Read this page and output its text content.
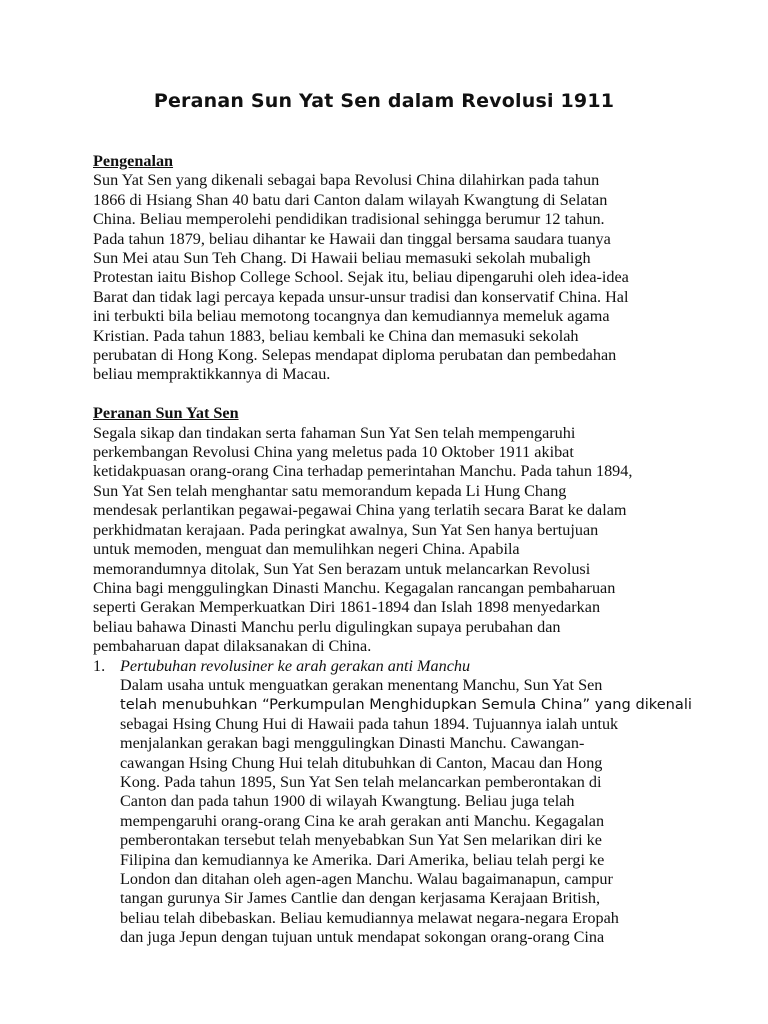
Peranan Sun Yat Sen dalam Revolusi 1911

Pengenalan

Sun Yat Sen yang dikenali sebagai bapa Revolusi China dilahirkan pada tahun
1866 di Hsiang Shan 40 batu dari Canton dalam wilayah Kwangtung di Selatan
China. Beliau memperolehi pendidikan tradisional sehingga berumur 12 tahun.
Pada tahun 1879, beliau dihantar ke Hawaii dan tinggal bersama saudara tuanya
Sun Mei atau Sun Teh Chang. Di Hawaii beliau memasuki sekolah mubaligh
Protestan iaitu Bishop College School. Sejak itu, beliau dipengaruhi oleh idea-idea
Barat dan tidak lagi percaya kepada unsur-unsur tradisi dan konservatif China. Hal
ini terbukti bila beliau memotong tocangnya dan kemudiannya memeluk agama
Kristian. Pada tahun 1883, beliau kembali ke China dan memasuki sekolah
perubatan di Hong Kong. Selepas mendapat diploma perubatan dan pembedahan
beliau mempraktikkannya di Macau.

Peranan Sun Yat Sen

Segala sikap dan tindakan serta fahaman Sun Yat Sen telah mempengaruhi
perkembangan Revolusi China yang meletus pada 10 Oktober 1911 akibat
ketidakpuasan orang-orang Cina terhadap pemerintahan Manchu. Pada tahun 1894,
Sun Yat Sen telah menghantar satu memorandum kepada Li Hung Chang
mendesak perlantikan pegawai-pegawai China yang terlatih secara Barat ke dalam
perkhidmatan kerajaan. Pada peringkat awalnya, Sun Yat Sen hanya bertujuan
untuk memoden, menguat dan memulihkan negeri China. Apabila
memorandumnya ditolak, Sun Yat Sen berazam untuk melancarkan Revolusi
China bagi menggulingkan Dinasti Manchu. Kegagalan rancangan pembaharuan
seperti Gerakan Memperkuatkan Diri 1861-1894 dan Islah 1898 menyedarkan
beliau bahawa Dinasti Manchu perlu digulingkan supaya perubahan dan
pembaharuan dapat dilaksanakan di China.

1. Pertubuhan revolusiner ke arah gerakan anti Manchu

Dalam usaha untuk menguatkan gerakan menentang Manchu, Sun Yat Sen

telah menubuhkan “Perkumpulan Menghidupkan Semula China” yang dikenali

sebagai Hsing Chung Hui di Hawaii pada tahun 1894. Tujuannya ialah untuk
menjalankan gerakan bagi menggulingkan Dinasti Manchu. Cawangan-
cawangan Hsing Chung Hui telah ditubuhkan di Canton, Macau dan Hong
Kong. Pada tahun 1895, Sun Yat Sen telah melancarkan pemberontakan di
Canton dan pada tahun 1900 di wilayah Kwangtung. Beliau juga telah
mempengaruhi orang-orang Cina ke arah gerakan anti Manchu. Kegagalan
pemberontakan tersebut telah menyebabkan Sun Yat Sen melarikan diri ke
Filipina dan kemudiannya ke Amerika. Dari Amerika, beliau telah pergi ke
London dan ditahan oleh agen-agen Manchu. Walau bagaimanapun, campur
tangan gurunya Sir James Cantlie dan dengan kerjasama Kerajaan British,
beliau telah dibebaskan. Beliau kemudiannya melawat negara-negara Eropah
dan juga Jepun dengan tujuan untuk mendapat sokongan orang-orang Cina
